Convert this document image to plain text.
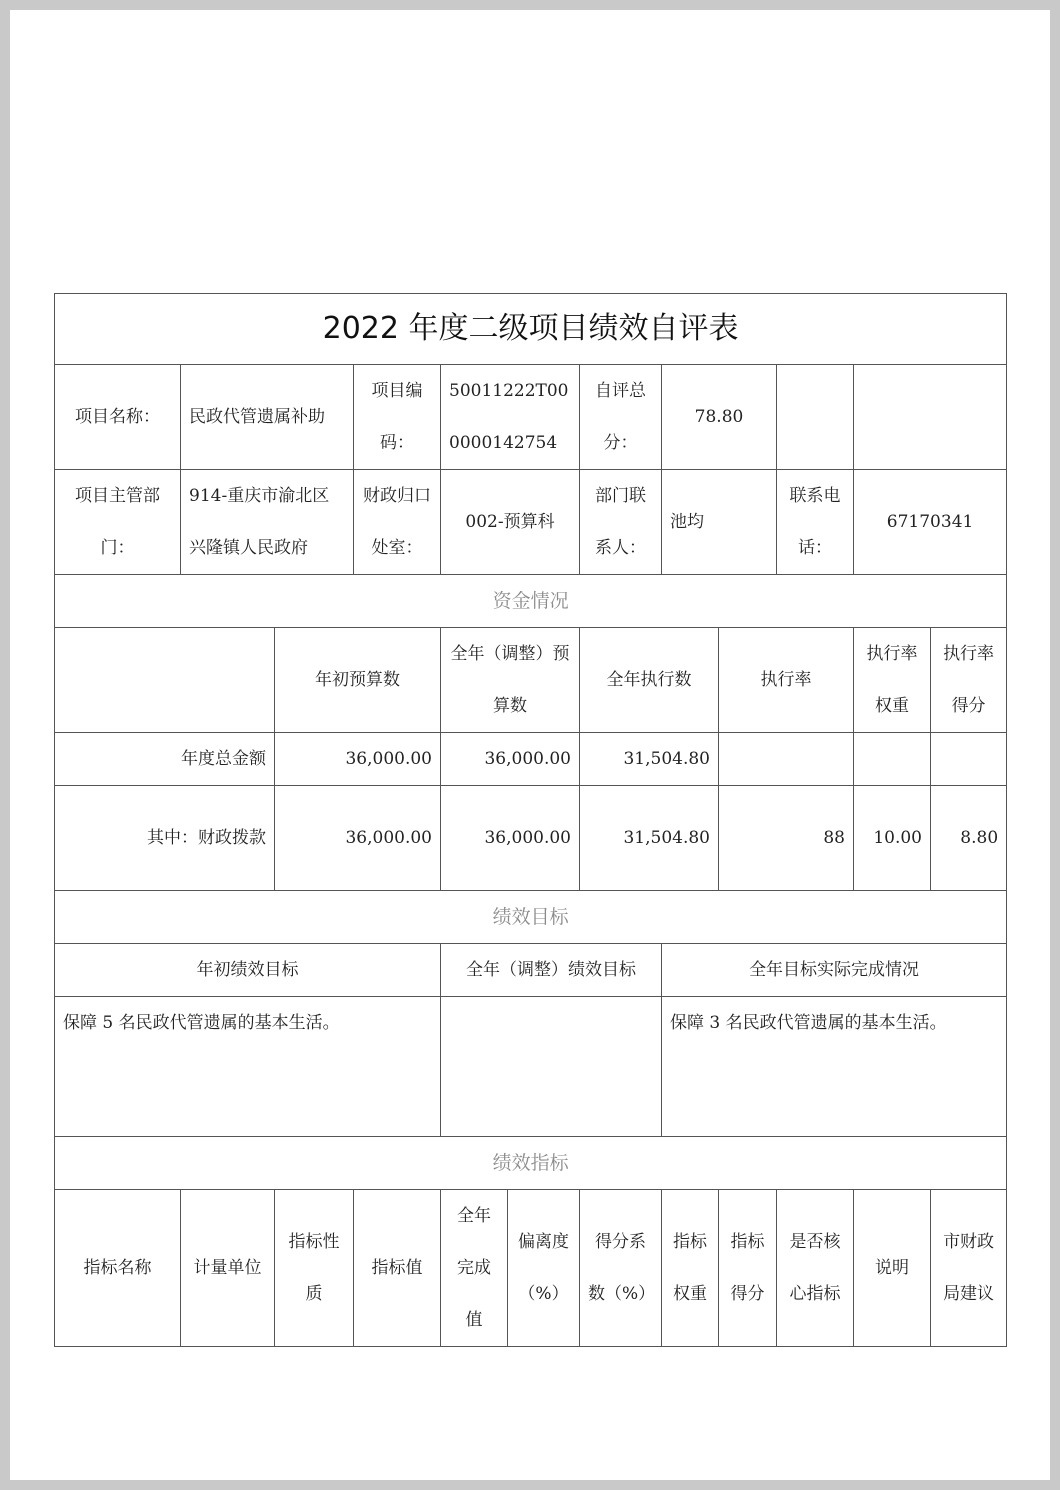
2022 年度二级项目绩效自评表											
项目名称：	民政代管遗属补助		项目编码：	50011222T000000142754		自评总分：	78.80				
项目主管部门：	914-重庆市渝北区兴隆镇人民政府		财政归口处室：	002-预算科		部门联系人：	池均		联系电话：	67170341	
资金情况											
		年初预算数		全年（调整）预算数		全年执行数		执行率		执行率权重	执行率得分
年度总金额		36,000.00		36,000.00		31,504.80					
其中：财政拨款		36,000.00		36,000.00		31,504.80		88		10.00	8.80
绩效目标											
年初绩效目标				全年（调整）绩效目标			全年目标实际完成情况				
保障 5 名民政代管遗属的基本生活。							保障 3 名民政代管遗属的基本生活。				
绩效指标											
指标名称	计量单位	指标性质	指标值	全年完成值	偏离度（%）	得分系数（%）	指标权重	指标得分	是否核心指标	说明	市财政局建议
